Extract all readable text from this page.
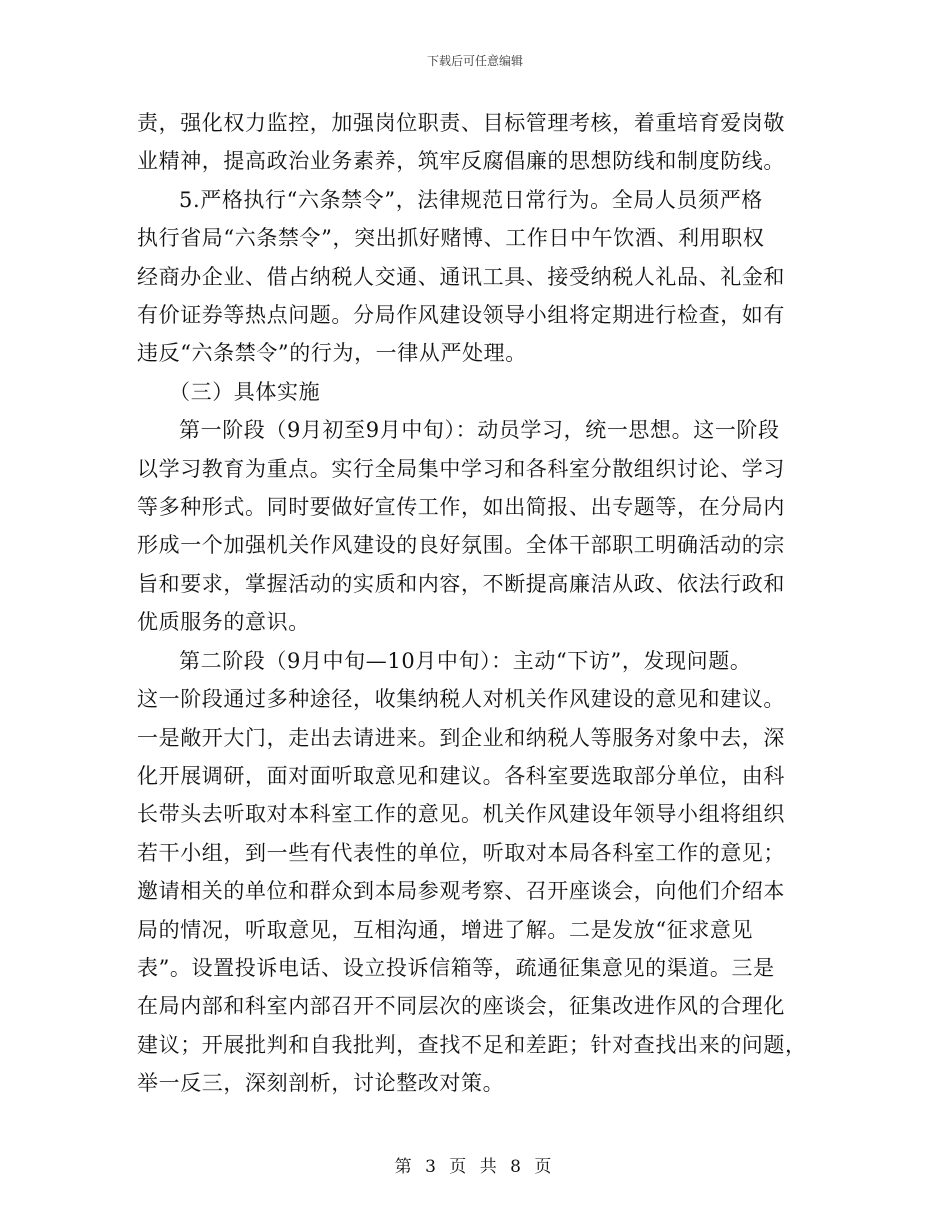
下载后可任意编辑
责，强化权力监控，加强岗位职责、目标管理考核，着重培育爱岗敬
业精神，提高政治业务素养，筑牢反腐倡廉的思想防线和制度防线。
5.严格执行“六条禁令”，法律规范日常行为。全局人员须严格
执行省局“六条禁令”，突出抓好赌博、工作日中午饮酒、利用职权
经商办企业、借占纳税人交通、通讯工具、接受纳税人礼品、礼金和
有价证券等热点问题。分局作风建设领导小组将定期进行检查，如有
违反“六条禁令”的行为，一律从严处理。
（三）具体实施
第一阶段（9月初至9月中旬）：动员学习，统一思想。这一阶段
以学习教育为重点。实行全局集中学习和各科室分散组织讨论、学习
等多种形式。同时要做好宣传工作，如出简报、出专题等，在分局内
形成一个加强机关作风建设的良好氛围。全体干部职工明确活动的宗
旨和要求，掌握活动的实质和内容，不断提高廉洁从政、依法行政和
优质服务的意识。
第二阶段（9月中旬—10月中旬）：主动“下访”，发现问题。
这一阶段通过多种途径，收集纳税人对机关作风建设的意见和建议。
一是敞开大门，走出去请进来。到企业和纳税人等服务对象中去，深
化开展调研，面对面听取意见和建议。各科室要选取部分单位，由科
长带头去听取对本科室工作的意见。机关作风建设年领导小组将组织
若干小组，到一些有代表性的单位，听取对本局各科室工作的意见；
邀请相关的单位和群众到本局参观考察、召开座谈会，向他们介绍本
局的情况，听取意见，互相沟通，增进了解。二是发放“征求意见
表”。设置投诉电话、设立投诉信箱等，疏通征集意见的渠道。三是
在局内部和科室内部召开不同层次的座谈会，征集改进作风的合理化
建议；开展批判和自我批判，查找不足和差距；针对查找出来的问题，
举一反三，深刻剖析，讨论整改对策。
第 3 页 共 8 页
